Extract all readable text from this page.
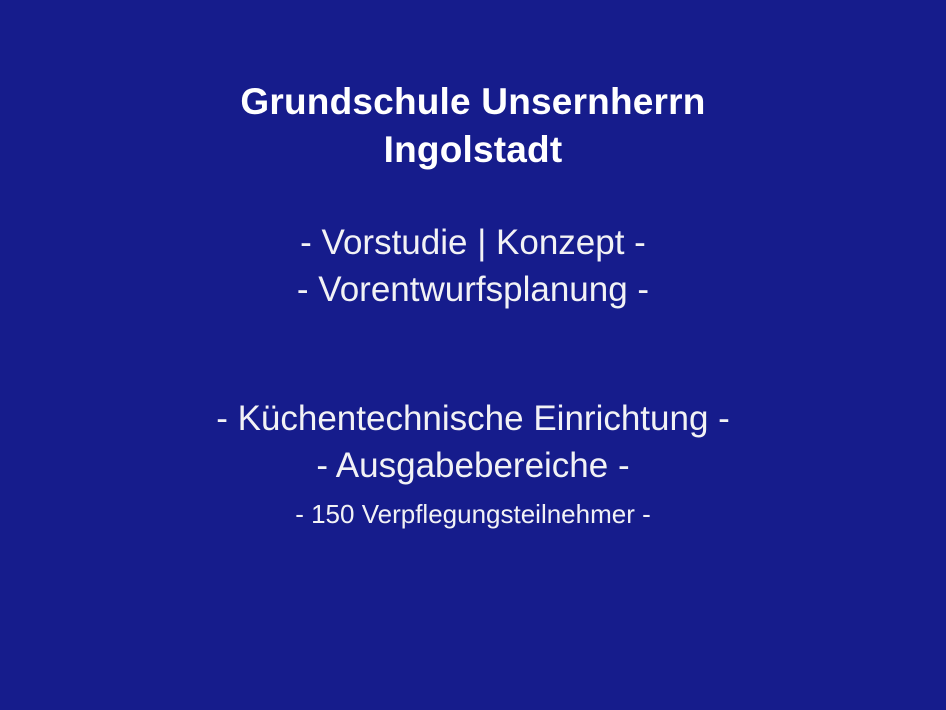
Grundschule Unsernherrn
Ingolstadt
- Vorstudie | Konzept -
- Vorentwurfsplanung -
- Küchentechnische Einrichtung -
- Ausgabebereiche -
- 150 Verpflegungsteilnehmer -
